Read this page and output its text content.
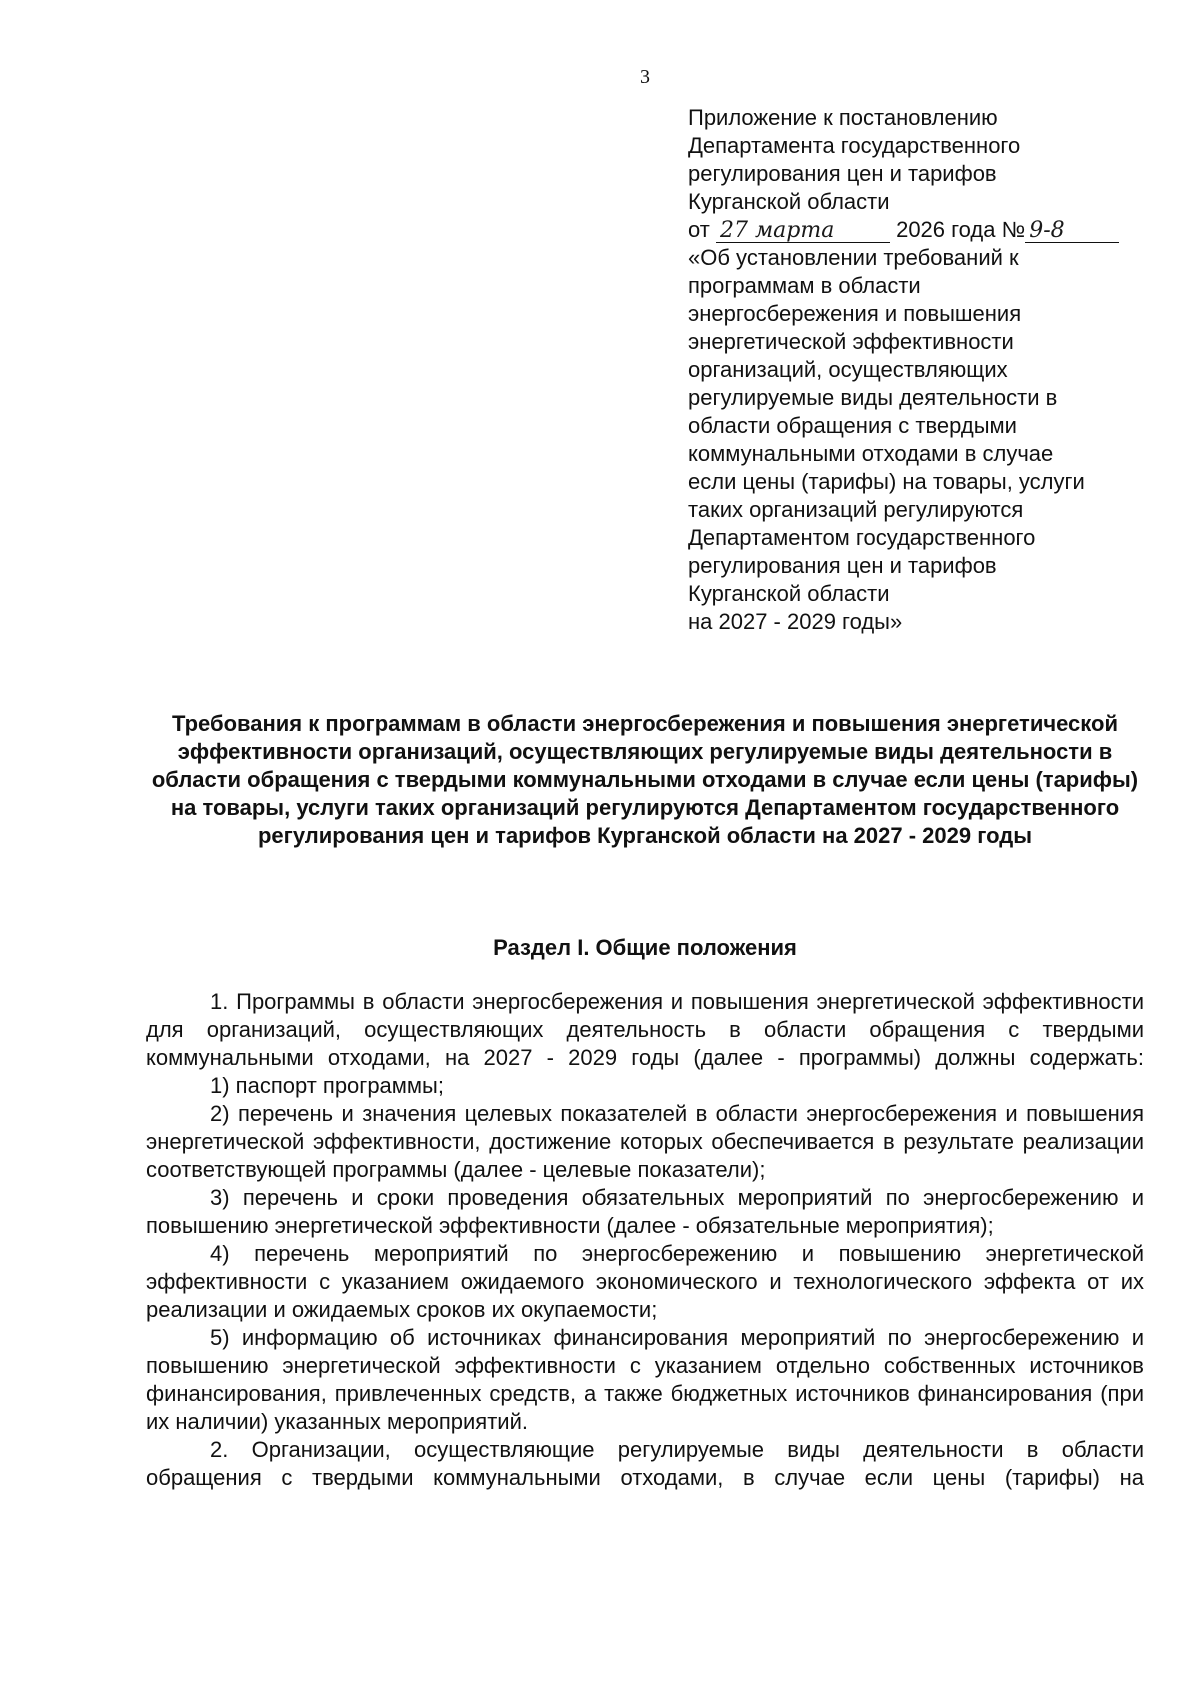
3
Приложение к постановлению
Департамента государственного
регулирования цен и тарифов
Курганской области
от 27 марта	2026 года № 9-8
«Об установлении требований к
программам в области
энергосбережения и повышения
энергетической эффективности
организаций, осуществляющих
регулируемые виды деятельности в
области обращения с твердыми
коммунальными отходами в случае
если цены (тарифы) на товары, услуги
таких организаций регулируются
Департаментом государственного
регулирования цен и тарифов
Курганской области
на 2027 - 2029 годы»
Требования к программам в области энергосбережения и повышения энергетической эффективности организаций, осуществляющих регулируемые виды деятельности в области обращения с твердыми коммунальными отходами в случае если цены (тарифы) на товары, услуги таких организаций регулируются Департаментом государственного регулирования цен и тарифов Курганской области на 2027 - 2029 годы
Раздел I. Общие положения

1. Программы в области энергосбережения и повышения энергетической эффективности для организаций, осуществляющих деятельность в области обращения с твердыми коммунальными отходами, на 2027 - 2029 годы (далее - программы) должны содержать:

1) паспорт программы;

2) перечень и значения целевых показателей в области энергосбережения и повышения энергетической эффективности, достижение которых обеспечивается в результате реализации соответствующей программы (далее - целевые показатели);

3) перечень и сроки проведения обязательных мероприятий по энергосбережению и повышению энергетической эффективности (далее - обязательные мероприятия);

4) перечень мероприятий по энергосбережению и повышению энергетической эффективности с указанием ожидаемого экономического и технологического эффекта от их реализации и ожидаемых сроков их окупаемости;

5) информацию об источниках финансирования мероприятий по энергосбережению и повышению энергетической эффективности с указанием отдельно собственных источников финансирования, привлеченных средств, а также бюджетных источников финансирования (при их наличии) указанных мероприятий.

2. Организации, осуществляющие регулируемые виды деятельности в области обращения с твердыми коммунальными отходами, в случае если цены (тарифы) на
